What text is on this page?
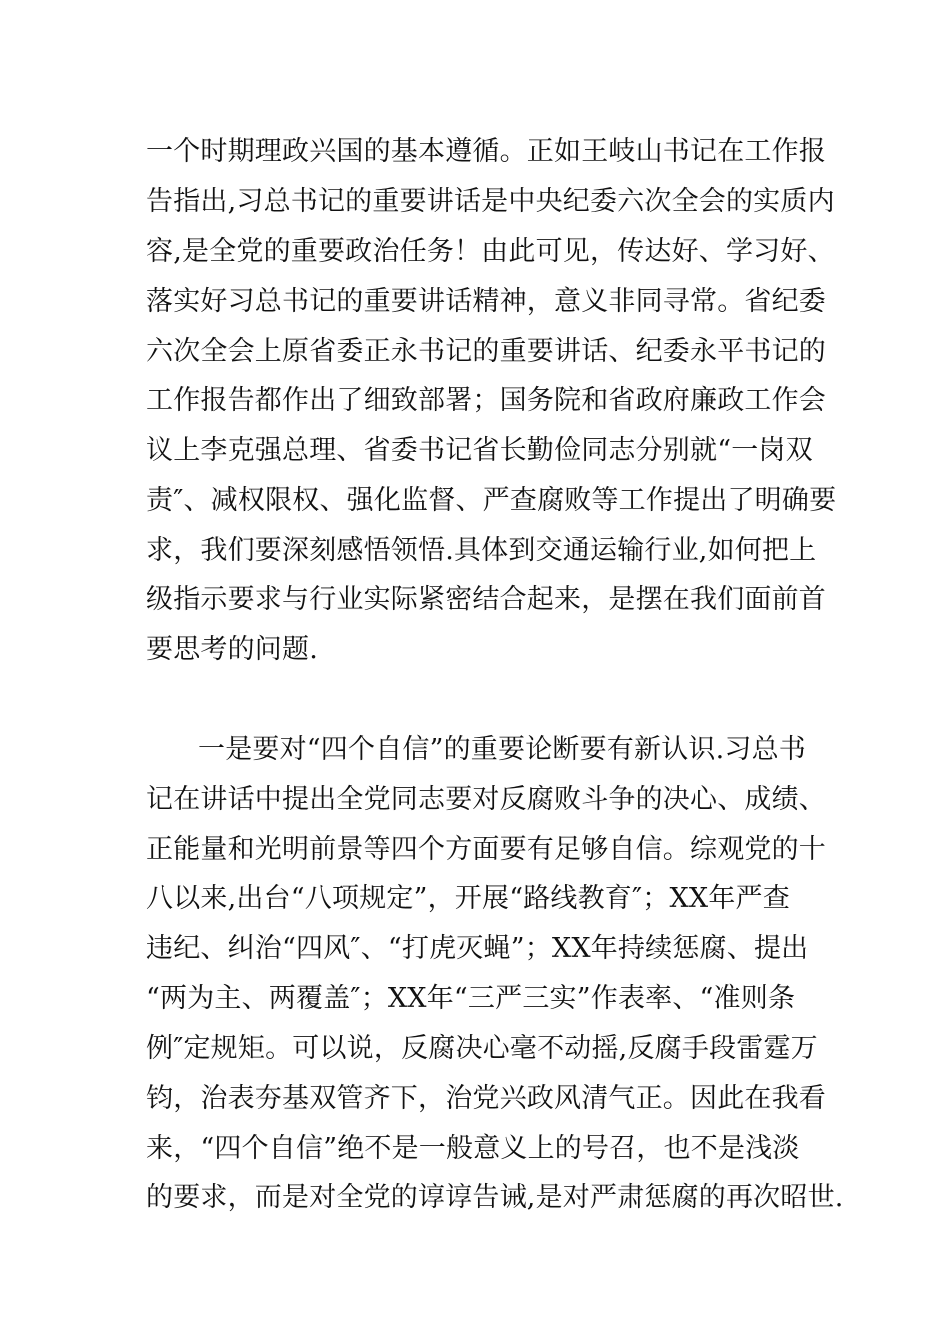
一个时期理政兴国的基本遵循。正如王岐山书记在工作报
告指出,习总书记的重要讲话是中央纪委六次全会的实质内
容,是全党的重要政治任务！由此可见，传达好、学习好、
落实好习总书记的重要讲话精神，意义非同寻常。省纪委
六次全会上原省委正永书记的重要讲话、纪委永平书记的
工作报告都作出了细致部署；国务院和省政府廉政工作会
议上李克强总理、省委书记省长勤俭同志分别就“一岗双
责″、减权限权、强化监督、严查腐败等工作提出了明确要
求，我们要深刻感悟领悟.具体到交通运输行业,如何把上
级指示要求与行业实际紧密结合起来，是摆在我们面前首
要思考的问题.
一是要对“四个自信”的重要论断要有新认识.习总书
记在讲话中提出全党同志要对反腐败斗争的决心、成绩、
正能量和光明前景等四个方面要有足够自信。综观党的十
八以来,出台“八项规定”，开展“路线教育″；XX年严查
违纪、纠治“四风″、“打虎灭蝇”；XX年持续惩腐、提出
“两为主、两覆盖″；XX年“三严三实”作表率、“准则条
例″定规矩。可以说，反腐决心毫不动摇,反腐手段雷霆万
钧，治表夯基双管齐下，治党兴政风清气正。因此在我看
来，“四个自信”绝不是一般意义上的号召，也不是浅淡
的要求，而是对全党的谆谆告诫,是对严肃惩腐的再次昭世.
